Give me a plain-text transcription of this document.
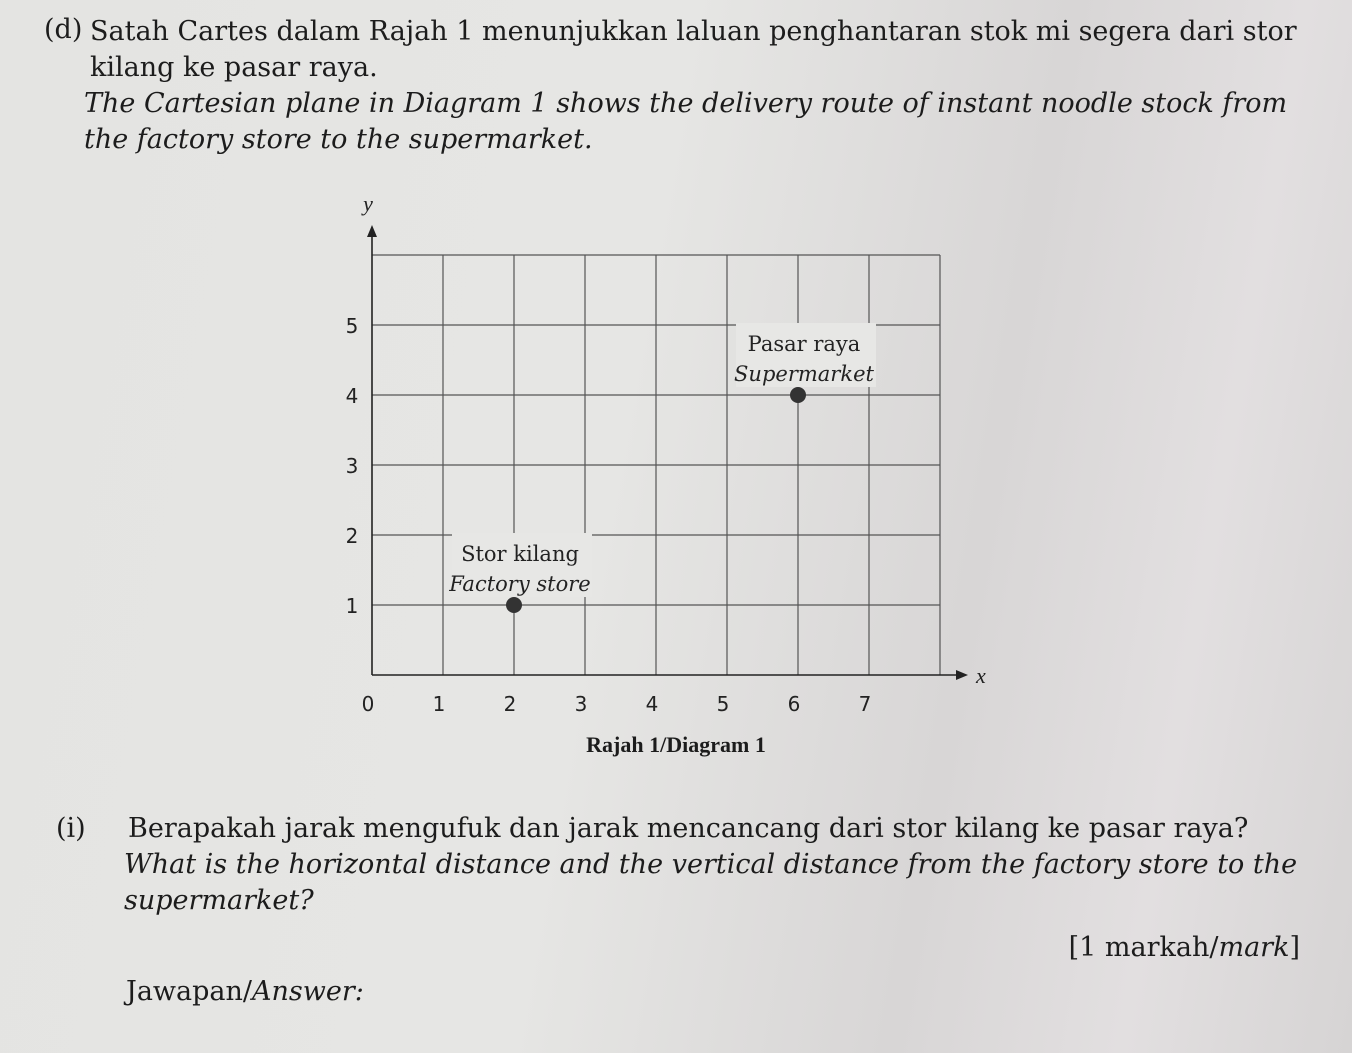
(d) Satah Cartes dalam Rajah 1 menunjukkan laluan penghantaran stok mi segera dari stor kilang ke pasar raya.
The Cartesian plane in Diagram 1 shows the delivery route of instant noodle stock from the factory store to the supermarket.
x
y
0	1	2	3	4	5	6	7
1
2
3
4
5
Stor kilang
Factory store
Pasar raya
Supermarket
Rajah 1/Diagram 1
(i) Berapakah jarak mengufuk dan jarak mencancang dari stor kilang ke pasar raya?
What is the horizontal distance and the vertical distance from the factory store to the supermarket?
[1 markah/mark]
Jawapan/Answer:
